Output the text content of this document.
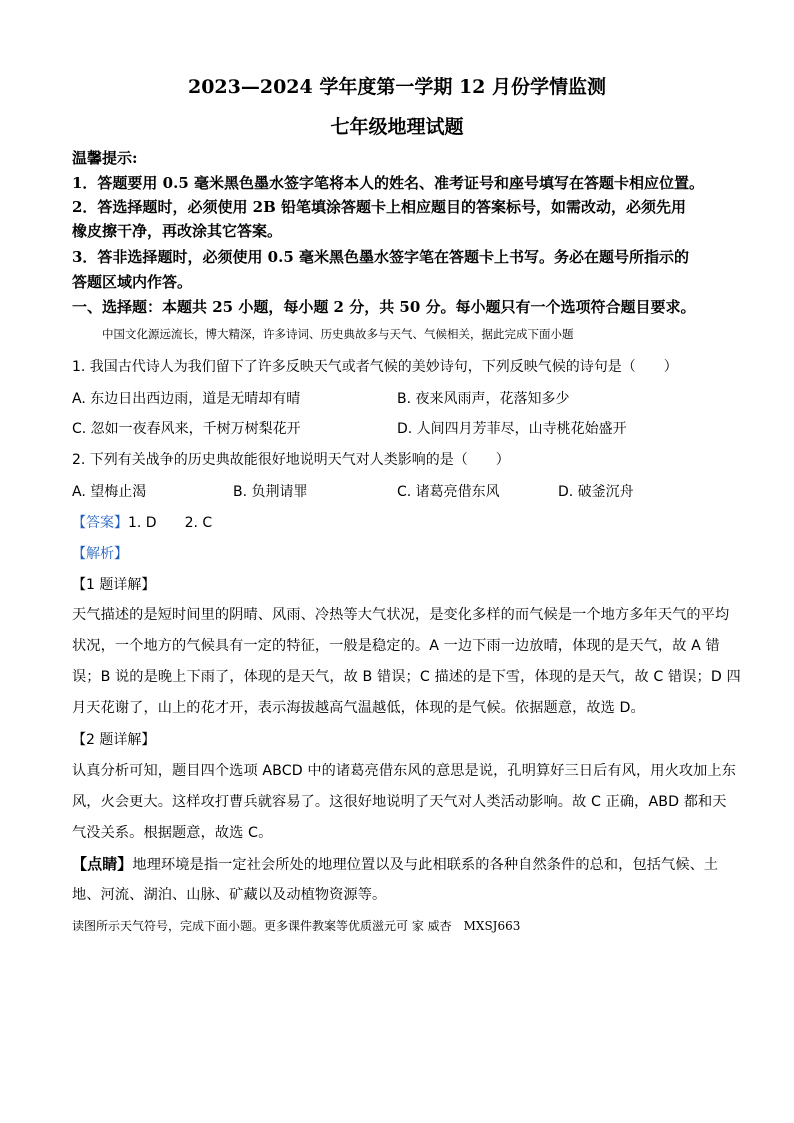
2023—2024 学年度第一学期 12 月份学情监测
七年级地理试题
温馨提示:
1．答题要用 0.5 毫米黑色墨水签字笔将本人的姓名、准考证号和座号填写在答题卡相应位置。
2．答选择题时，必须使用 2B 铅笔填涂答题卡上相应题目的答案标号，如需改动，必须先用
橡皮擦干净，再改涂其它答案。
3．答非选择题时，必须使用 0.5 毫米黑色墨水签字笔在答题卡上书写。务必在题号所指示的
答题区域内作答。
一、选择题：本题共 25 小题，每小题 2 分，共 50 分。每小题只有一个选项符合题目要求。
中国文化源远流长，博大精深，许多诗词、历史典故多与天气、气候相关，据此完成下面小题
1. 我国古代诗人为我们留下了许多反映天气或者气候的美妙诗句，下列反映气候的诗句是（　　）
A. 东边日出西边雨，道是无晴却有晴	B. 夜来风雨声，花落知多少
C. 忽如一夜春风来，千树万树梨花开	D. 人间四月芳菲尽，山寺桃花始盛开
2. 下列有关战争的历史典故能很好地说明天气对人类影响的是（　　）
A. 望梅止渴	B. 负荆请罪	C. 诸葛亮借东风	D. 破釜沉舟
【答案】1. D　　2. C
【解析】
【1 题详解】
天气描述的是短时间里的阴晴、风雨、冷热等大气状况，是变化多样的而气候是一个地方多年天气的平均
状况，一个地方的气候具有一定的特征，一般是稳定的。A 一边下雨一边放晴，体现的是天气，故 A 错
误；B 说的是晚上下雨了，体现的是天气，故 B 错误；C 描述的是下雪，体现的是天气，故 C 错误；D 四
月天花谢了，山上的花才开，表示海拔越高气温越低，体现的是气候。依据题意，故选 D。
【2 题详解】
认真分析可知，题目四个选项 ABCD 中的诸葛亮借东风的意思是说，孔明算好三日后有风，用火攻加上东
风，火会更大。这样攻打曹兵就容易了。这很好地说明了天气对人类活动影响。故 C 正确，ABD 都和天
气没关系。根据题意，故选 C。
【点睛】地理环境是指一定社会所处的地理位置以及与此相联系的各种自然条件的总和，包括气候、土
地、河流、湖泊、山脉、矿藏以及动植物资源等。
读图所示天气符号，完成下面小题。更多课件教案等优质滋元可 家 威杏　MXSJ663
